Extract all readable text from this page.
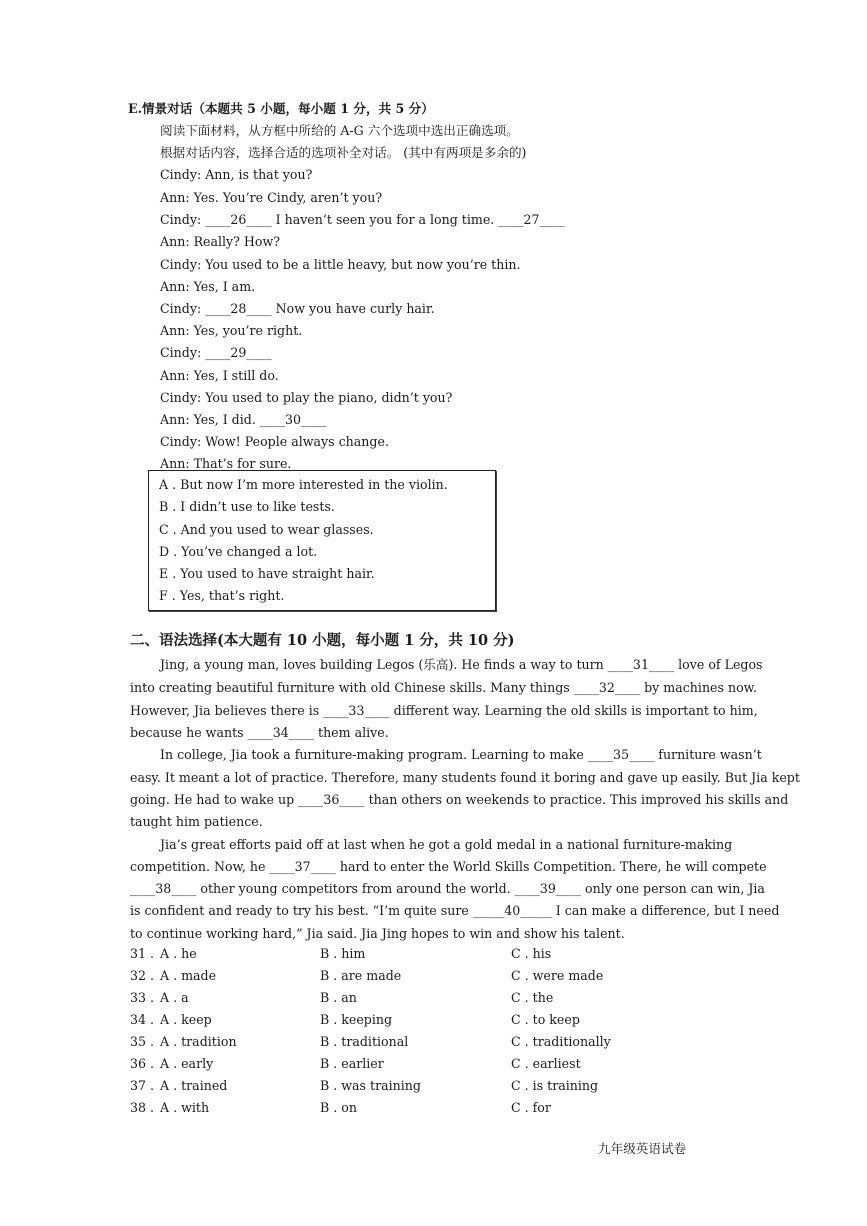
E.情景对话（本题共 5 小题，每小题 1 分，共 5 分）
阅读下面材料，从方框中所给的 A-G 六个选项中选出正确选项。
根据对话内容，选择合适的选项补全对话。 (其中有两项是多余的)
Cindy: Ann, is that you?
Ann: Yes. You’re Cindy, aren’t you?
Cindy: ____26____ I haven’t seen you for a long time. ____27____
Ann: Really? How?
Cindy: You used to be a little heavy, but now you’re thin.
Ann: Yes, I am.
Cindy: ____28____ Now you have curly hair.
Ann: Yes, you’re right.
Cindy: ____29____
Ann: Yes, I still do.
Cindy: You used to play the piano, didn’t you?
Ann: Yes, I did. ____30____
Cindy: Wow! People always change.
Ann: That’s for sure.
A . But now I’m more interested in the violin.
B . I didn’t use to like tests.
C . And you used to wear glasses.
D . You’ve changed a lot.
E . You used to have straight hair.
F . Yes, that’s right.
二、语法选择(本大题有 10 小题，每小题 1 分，共 10 分)
Jing, a young man, loves building Legos (乐高). He finds a way to turn ____31____ love of Legos
into creating beautiful furniture with old Chinese skills. Many things ____32____ by machines now.
However, Jia believes there is ____33____ different way. Learning the old skills is important to him,
because he wants ____34____ them alive.
In college, Jia took a furniture-making program. Learning to make ____35____ furniture wasn’t
easy. It meant a lot of practice. Therefore, many students found it boring and gave up easily. But Jia kept
going. He had to wake up ____36____ than others on weekends to practice. This improved his skills and
taught him patience.
Jia’s great efforts paid off at last when he got a gold medal in a national furniture-making
competition. Now, he ____37____ hard to enter the World Skills Competition. There, he will compete
____38____ other young competitors from around the world. ____39____ only one person can win, Jia
is confident and ready to try his best. “I’m quite sure _____40_____ I can make a difference, but I need
to continue working hard,” Jia said. Jia Jing hopes to win and show his talent.
31 . A . he	B . him	C . his
32 . A . made	B . are made	C . were made
33 . A . a	B . an	C . the
34 . A . keep	B . keeping	C . to keep
35 . A . tradition	B . traditional	C . traditionally
36 . A . early	B . earlier	C . earliest
37 . A . trained	B . was training	C . is training
38 . A . with	B . on	C . for
九年级英语试卷
